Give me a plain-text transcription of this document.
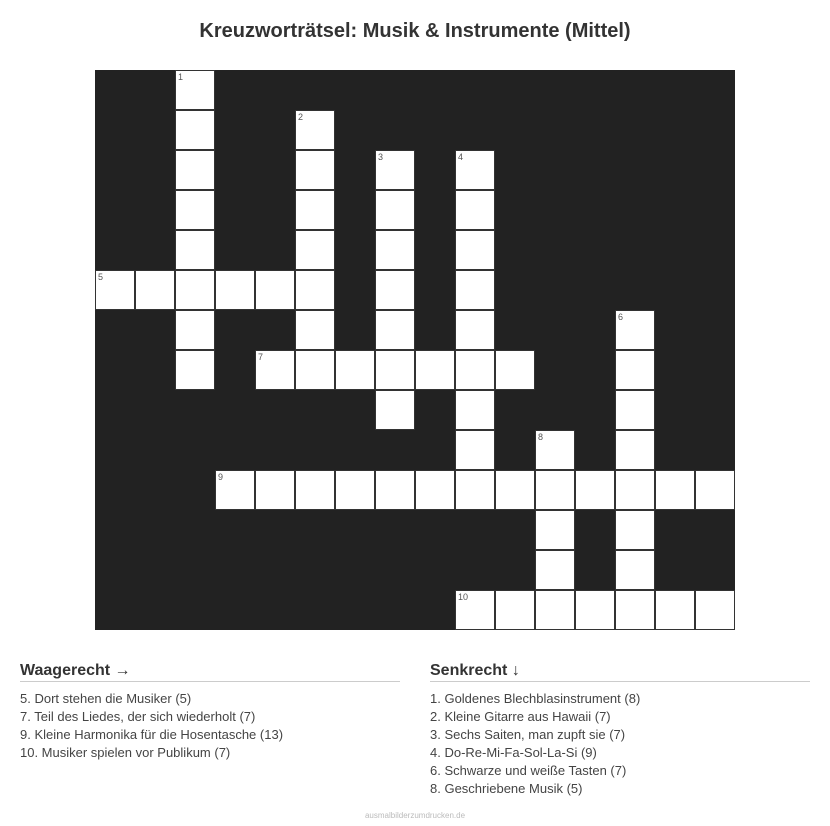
Kreuzworträtsel: Musik & Instrumente (Mittel)
1
2
3	4
5
6
7
8
9
10
Waagerecht →
5. Dort stehen die Musiker (5)
7. Teil des Liedes, der sich wiederholt (7)
9. Kleine Harmonika für die Hosentasche (13)
10. Musiker spielen vor Publikum (7)
Senkrecht ↓
1. Goldenes Blechblasinstrument (8)
2. Kleine Gitarre aus Hawaii (7)
3. Sechs Saiten, man zupft sie (7)
4. Do-Re-Mi-Fa-Sol-La-Si (9)
6. Schwarze und weiße Tasten (7)
8. Geschriebene Musik (5)
ausmalbilderzumdrucken.de
